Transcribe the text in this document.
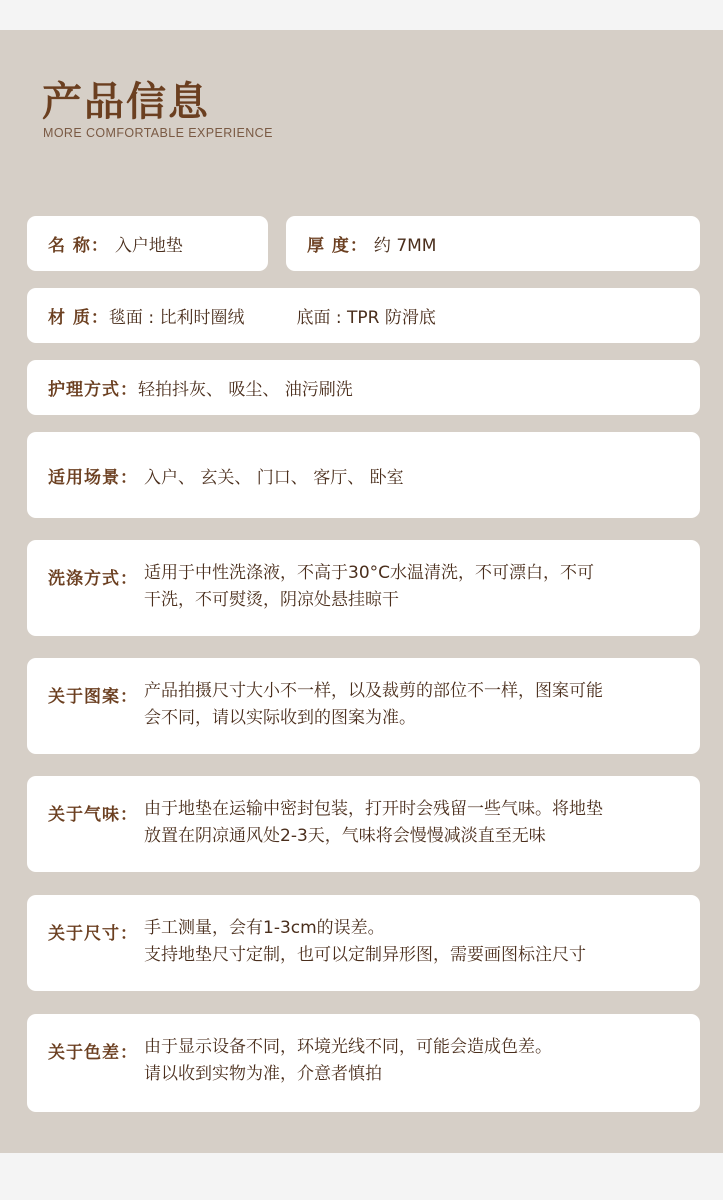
产品信息
MORE COMFORTABLE EXPERIENCE
名 称： 入户地垫	厚 度： 约 7MM
材 质： 毯面 : 比利时圈绒	底面 : TPR 防滑底
护理方式： 轻拍抖灰、 吸尘、 油污刷洗
适用场景： 入户、 玄关、 门口、 客厅、 卧室
洗涤方式： 适用于中性洗涤液，不高于30°C水温清洗，不可漂白，不可
干洗，不可熨烫，阴凉处悬挂晾干
关于图案： 产品拍摄尺寸大小不一样，以及裁剪的部位不一样，图案可能
会不同，请以实际收到的图案为准。
关于气味： 由于地垫在运输中密封包装，打开时会残留一些气味。将地垫
放置在阴凉通风处2-3天，气味将会慢慢减淡直至无味
关于尺寸： 手工测量，会有1-3cm的误差。
支持地垫尺寸定制，也可以定制异形图，需要画图标注尺寸
关于色差： 由于显示设备不同，环境光线不同，可能会造成色差。
请以收到实物为准，介意者慎拍
